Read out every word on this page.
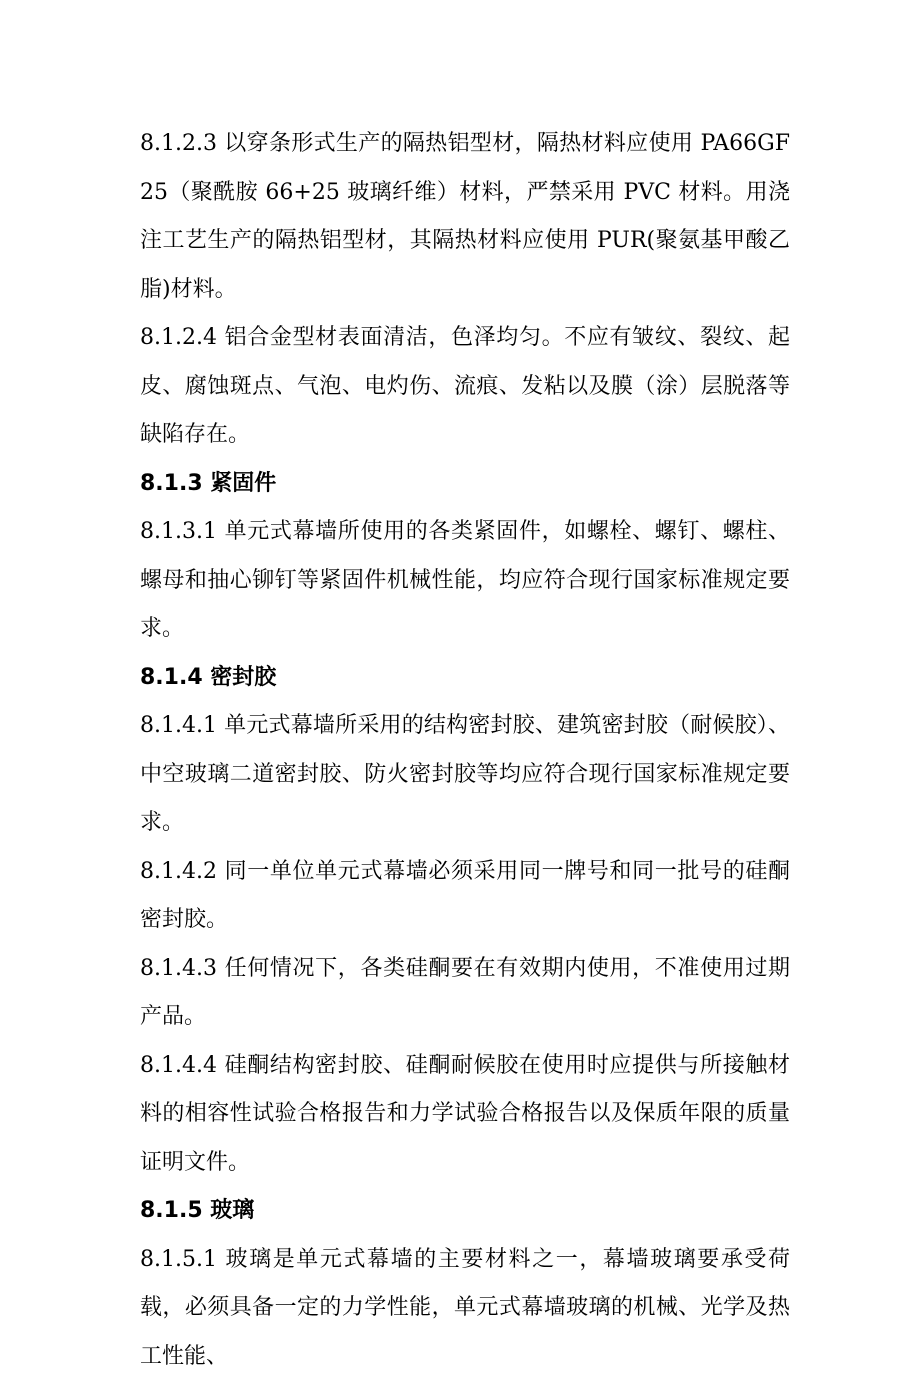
8.1.2.3 以穿条形式生产的隔热铝型材，隔热材料应使用 PA66GF25（聚酰胺 66+25 玻璃纤维）材料，严禁采用 PVC 材料。用浇注工艺生产的隔热铝型材，其隔热材料应使用 PUR(聚氨基甲酸乙脂)材料。

8.1.2.4 铝合金型材表面清洁，色泽均匀。不应有皱纹、裂纹、起皮、腐蚀斑点、气泡、电灼伤、流痕、发粘以及膜（涂）层脱落等缺陷存在。

8.1.3 紧固件

8.1.3.1 单元式幕墙所使用的各类紧固件，如螺栓、螺钉、螺柱、螺母和抽心铆钉等紧固件机械性能，均应符合现行国家标准规定要求。

8.1.4 密封胶

8.1.4.1 单元式幕墙所采用的结构密封胶、建筑密封胶（耐候胶）、中空玻璃二道密封胶、防火密封胶等均应符合现行国家标准规定要求。

8.1.4.2 同一单位单元式幕墙必须采用同一牌号和同一批号的硅酮密封胶。

8.1.4.3 任何情况下，各类硅酮要在有效期内使用，不准使用过期产品。

8.1.4.4 硅酮结构密封胶、硅酮耐候胶在使用时应提供与所接触材料的相容性试验合格报告和力学试验合格报告以及保质年限的质量证明文件。

8.1.5 玻璃

8.1.5.1 玻璃是单元式幕墙的主要材料之一，幕墙玻璃要承受荷载，必须具备一定的力学性能，单元式幕墙玻璃的机械、光学及热工性能、
